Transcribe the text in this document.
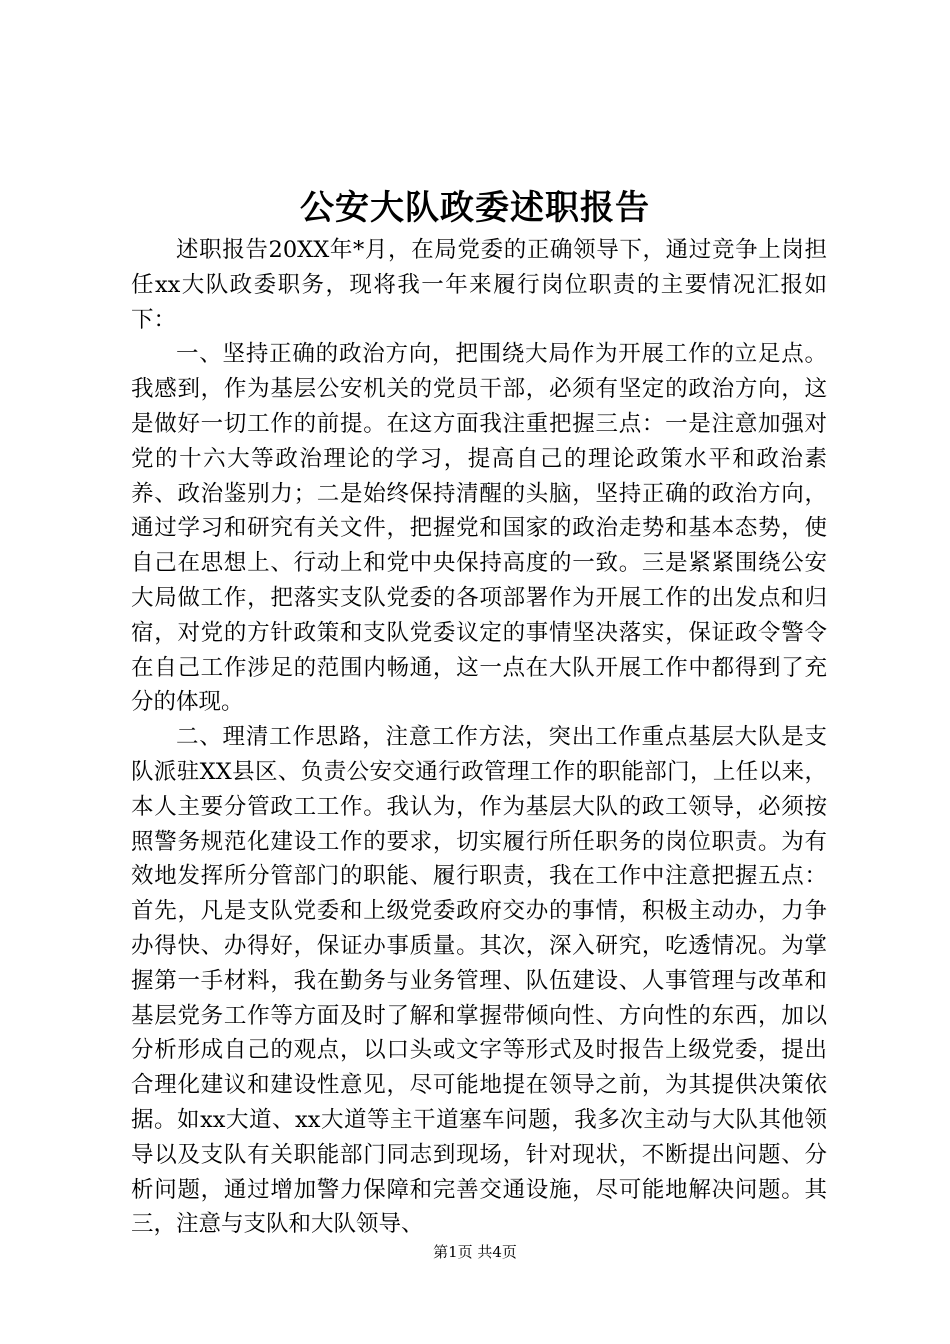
公安大队政委述职报告

述职报告20XX年*月，在局党委的正确领导下，通过竞争上岗担任xx大队政委职务，现将我一年来履行岗位职责的主要情况汇报如下：

一、坚持正确的政治方向，把围绕大局作为开展工作的立足点。我感到，作为基层公安机关的党员干部，必须有坚定的政治方向，这是做好一切工作的前提。在这方面我注重把握三点：一是注意加强对党的十六大等政治理论的学习，提高自己的理论政策水平和政治素养、政治鉴别力；二是始终保持清醒的头脑，坚持正确的政治方向，通过学习和研究有关文件，把握党和国家的政治走势和基本态势，使自己在思想上、行动上和党中央保持高度的一致。三是紧紧围绕公安大局做工作，把落实支队党委的各项部署作为开展工作的出发点和归宿，对党的方针政策和支队党委议定的事情坚决落实，保证政令警令在自己工作涉足的范围内畅通，这一点在大队开展工作中都得到了充分的体现。

二、理清工作思路，注意工作方法，突出工作重点基层大队是支队派驻XX县区、负责公安交通行政管理工作的职能部门，上任以来，本人主要分管政工工作。我认为，作为基层大队的政工领导，必须按照警务规范化建设工作的要求，切实履行所任职务的岗位职责。为有效地发挥所分管部门的职能、履行职责，我在工作中注意把握五点：首先，凡是支队党委和上级党委政府交办的事情，积极主动办，力争办得快、办得好，保证办事质量。其次，深入研究，吃透情况。为掌握第一手材料，我在勤务与业务管理、队伍建设、人事管理与改革和基层党务工作等方面及时了解和掌握带倾向性、方向性的东西，加以分析形成自己的观点，以口头或文字等形式及时报告上级党委，提出合理化建议和建设性意见，尽可能地提在领导之前，为其提供决策依据。如xx大道、xx大道等主干道塞车问题，我多次主动与大队其他领导以及支队有关职能部门同志到现场，针对现状，不断提出问题、分析问题，通过增加警力保障和完善交通设施，尽可能地解决问题。其三，注意与支队和大队领导、

第1页 共4页
